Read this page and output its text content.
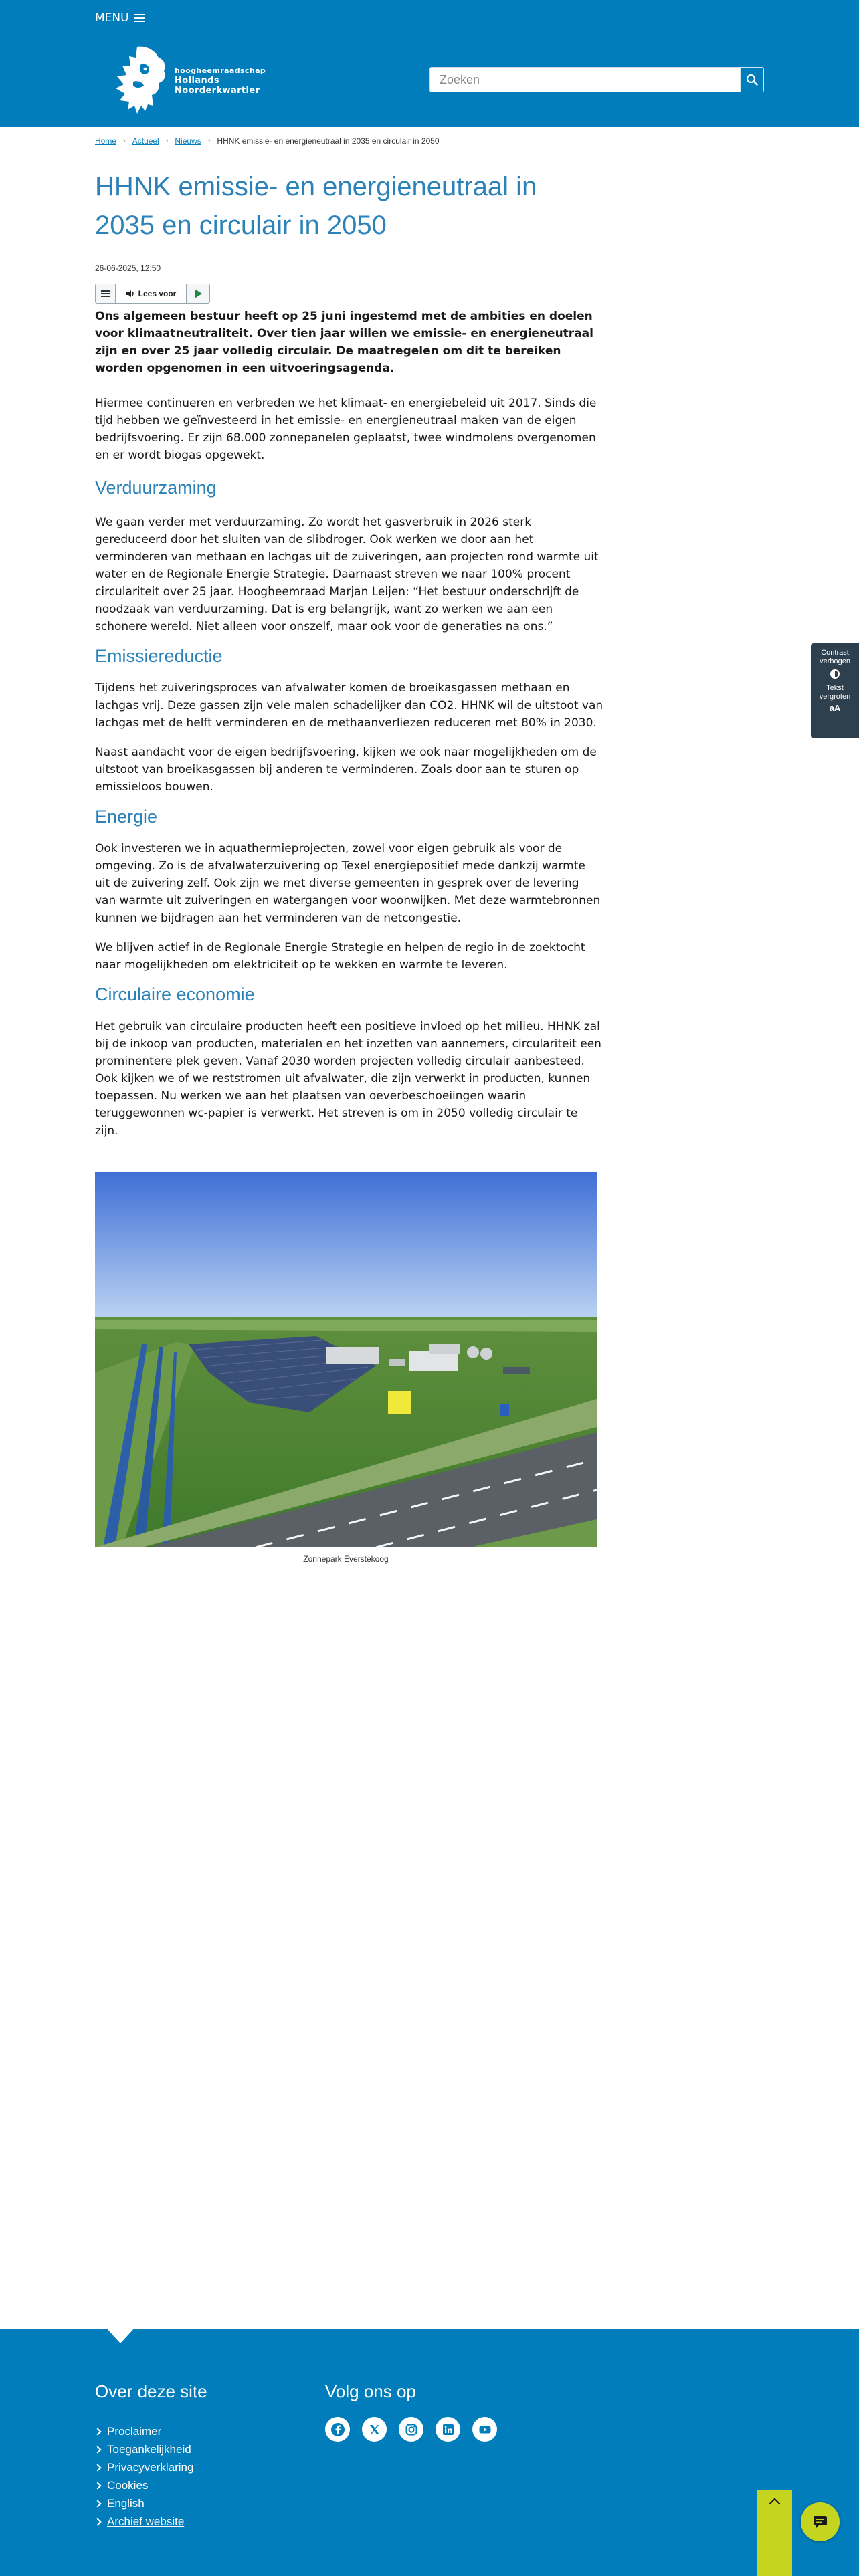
MENU
hoogheemraadschap
Hollands
Noorderkwartier
Zoeken
Home › Actueel › Nieuws › HHNK emissie- en energieneutraal in 2035 en circulair in 2050
HHNK emissie- en energieneutraal in 2035 en circulair in 2050
26-06-2025, 12:50
Lees voor

Ons algemeen bestuur heeft op 25 juni ingestemd met de ambities en doelen voor klimaatneutraliteit. Over tien jaar willen we emissie- en energieneutraal zijn en over 25 jaar volledig circulair. De maatregelen om dit te bereiken worden opgenomen in een uitvoeringsagenda.

Hiermee continueren en verbreden we het klimaat- en energiebeleid uit 2017. Sinds die tijd hebben we geïnvesteerd in het emissie- en energieneutraal maken van de eigen bedrijfsvoering. Er zijn 68.000 zonnepanelen geplaatst, twee windmolens overgenomen en er wordt biogas opgewekt.

Verduurzaming

We gaan verder met verduurzaming. Zo wordt het gasverbruik in 2026 sterk gereduceerd door het sluiten van de slibdroger. Ook werken we door aan het verminderen van methaan en lachgas uit de zuiveringen, aan projecten rond warmte uit water en de Regionale Energie Strategie. Daarnaast streven we naar 100% procent circulariteit over 25 jaar. Hoogheemraad Marjan Leijen: “Het bestuur onderschrijft de noodzaak van verduurzaming. Dat is erg belangrijk, want zo werken we aan een schonere wereld. Niet alleen voor onszelf, maar ook voor de generaties na ons.”

Emissiereductie

Tijdens het zuiveringsproces van afvalwater komen de broeikasgassen methaan en lachgas vrij. Deze gassen zijn vele malen schadelijker dan CO2. HHNK wil de uitstoot van lachgas met de helft verminderen en de methaanverliezen reduceren met 80% in 2030.

Naast aandacht voor de eigen bedrijfsvoering, kijken we ook naar mogelijkheden om de uitstoot van broeikasgassen bij anderen te verminderen. Zoals door aan te sturen op emissieloos bouwen.

Energie

Ook investeren we in aquathermieprojecten, zowel voor eigen gebruik als voor de omgeving. Zo is de afvalwaterzuivering op Texel energiepositief mede dankzij warmte uit de zuivering zelf. Ook zijn we met diverse gemeenten in gesprek over de levering van warmte uit zuiveringen en watergangen voor woonwijken. Met deze warmtebronnen kunnen we bijdragen aan het verminderen van de netcongestie.

We blijven actief in de Regionale Energie Strategie en helpen de regio in de zoektocht naar mogelijkheden om elektriciteit op te wekken en warmte te leveren.

Circulaire economie

Het gebruik van circulaire producten heeft een positieve invloed op het milieu. HHNK zal bij de inkoop van producten, materialen en het inzetten van aannemers, circulariteit een prominentere plek geven. Vanaf 2030 worden projecten volledig circulair aanbesteed. Ook kijken we of we reststromen uit afvalwater, die zijn verwerkt in producten, kunnen toepassen. Nu werken we aan het plaatsen van oeverbeschoeiingen waarin teruggewonnen wc-papier is verwerkt. Het streven is om in 2050 volledig circulair te zijn.

Zonnepark Everstekoog
Contrast verhogen
Tekst vergroten
aA
Over deze site
Proclaimer
Toegankelijkheid
Privacyverklaring
Cookies
English
Archief website
Volg ons op
